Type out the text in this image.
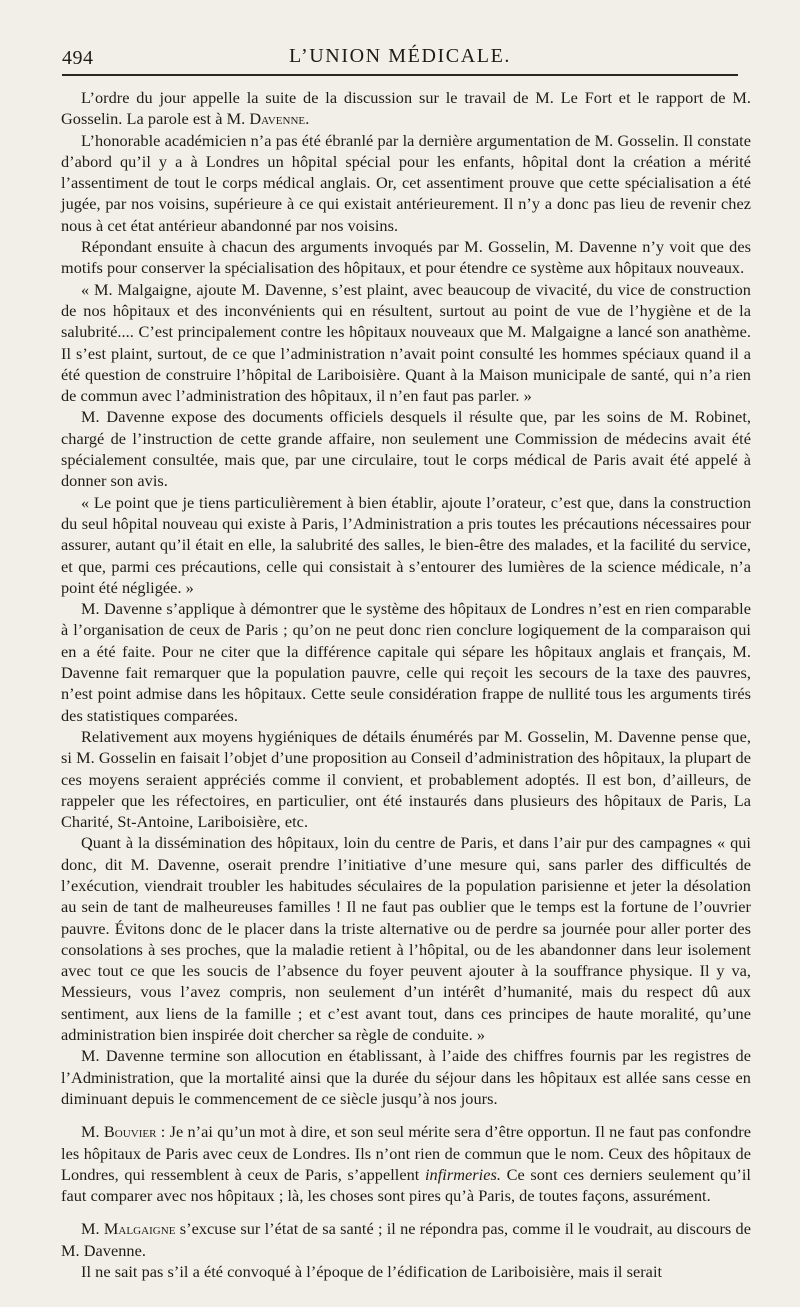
494	L’UNION MÉDICALE.

L’ordre du jour appelle la suite de la discussion sur le travail de M. Le Fort et le rapport de M. Gosselin. La parole est à M. Davenne.

L’honorable académicien n’a pas été ébranlé par la dernière argumentation de M. Gosselin. Il constate d’abord qu’il y a à Londres un hôpital spécial pour les enfants, hôpital dont la création a mérité l’assentiment de tout le corps médical anglais. Or, cet assentiment prouve que cette spécialisation a été jugée, par nos voisins, supérieure à ce qui existait antérieurement. Il n’y a donc pas lieu de revenir chez nous à cet état antérieur abandonné par nos voisins.

Répondant ensuite à chacun des arguments invoqués par M. Gosselin, M. Davenne n’y voit que des motifs pour conserver la spécialisation des hôpitaux, et pour étendre ce système aux hôpitaux nouveaux.

« M. Malgaigne, ajoute M. Davenne, s’est plaint, avec beaucoup de vivacité, du vice de construction de nos hôpitaux et des inconvénients qui en résultent, surtout au point de vue de l’hygiène et de la salubrité.... C’est principalement contre les hôpitaux nouveaux que M. Malgaigne a lancé son anathème. Il s’est plaint, surtout, de ce que l’administration n’avait point consulté les hommes spéciaux quand il a été question de construire l’hôpital de Lariboisière. Quant à la Maison municipale de santé, qui n’a rien de commun avec l’administration des hôpitaux, il n’en faut pas parler. »

M. Davenne expose des documents officiels desquels il résulte que, par les soins de M. Robinet, chargé de l’instruction de cette grande affaire, non seulement une Commission de médecins avait été spécialement consultée, mais que, par une circulaire, tout le corps médical de Paris avait été appelé à donner son avis.

« Le point que je tiens particulièrement à bien établir, ajoute l’orateur, c’est que, dans la construction du seul hôpital nouveau qui existe à Paris, l’Administration a pris toutes les précautions nécessaires pour assurer, autant qu’il était en elle, la salubrité des salles, le bien-être des malades, et la facilité du service, et que, parmi ces précautions, celle qui consistait à s’entourer des lumières de la science médicale, n’a point été négligée. »

M. Davenne s’applique à démontrer que le système des hôpitaux de Londres n’est en rien comparable à l’organisation de ceux de Paris ; qu’on ne peut donc rien conclure logiquement de la comparaison qui en a été faite. Pour ne citer que la différence capitale qui sépare les hôpitaux anglais et français, M. Davenne fait remarquer que la population pauvre, celle qui reçoit les secours de la taxe des pauvres, n’est point admise dans les hôpitaux. Cette seule considération frappe de nullité tous les arguments tirés des statistiques comparées.

Relativement aux moyens hygiéniques de détails énumérés par M. Gosselin, M. Davenne pense que, si M. Gosselin en faisait l’objet d’une proposition au Conseil d’administration des hôpitaux, la plupart de ces moyens seraient appréciés comme il convient, et probablement adoptés. Il est bon, d’ailleurs, de rappeler que les réfectoires, en particulier, ont été instaurés dans plusieurs des hôpitaux de Paris, La Charité, St-Antoine, Lariboisière, etc.

Quant à la dissémination des hôpitaux, loin du centre de Paris, et dans l’air pur des campagnes « qui donc, dit M. Davenne, oserait prendre l’initiative d’une mesure qui, sans parler des difficultés de l’exécution, viendrait troubler les habitudes séculaires de la population parisienne et jeter la désolation au sein de tant de malheureuses familles ! Il ne faut pas oublier que le temps est la fortune de l’ouvrier pauvre. Évitons donc de le placer dans la triste alternative ou de perdre sa journée pour aller porter des consolations à ses proches, que la maladie retient à l’hôpital, ou de les abandonner dans leur isolement avec tout ce que les soucis de l’absence du foyer peuvent ajouter à la souffrance physique. Il y va, Messieurs, vous l’avez compris, non seulement d’un intérêt d’humanité, mais du respect dû aux sentiment, aux liens de la famille ; et c’est avant tout, dans ces principes de haute moralité, qu’une administration bien inspirée doit chercher sa règle de conduite. »

M. Davenne termine son allocution en établissant, à l’aide des chiffres fournis par les registres de l’Administration, que la mortalité ainsi que la durée du séjour dans les hôpitaux est allée sans cesse en diminuant depuis le commencement de ce siècle jusqu’à nos jours.

M. Bouvier : Je n’ai qu’un mot à dire, et son seul mérite sera d’être opportun. Il ne faut pas confondre les hôpitaux de Paris avec ceux de Londres. Ils n’ont rien de commun que le nom. Ceux des hôpitaux de Londres, qui ressemblent à ceux de Paris, s’appellent infirmeries. Ce sont ces derniers seulement qu’il faut comparer avec nos hôpitaux ; là, les choses sont pires qu’à Paris, de toutes façons, assurément.

M. Malgaigne s’excuse sur l’état de sa santé ; il ne répondra pas, comme il le voudrait, au discours de M. Davenne.

Il ne sait pas s’il a été convoqué à l’époque de l’édification de Lariboisière, mais il serait
